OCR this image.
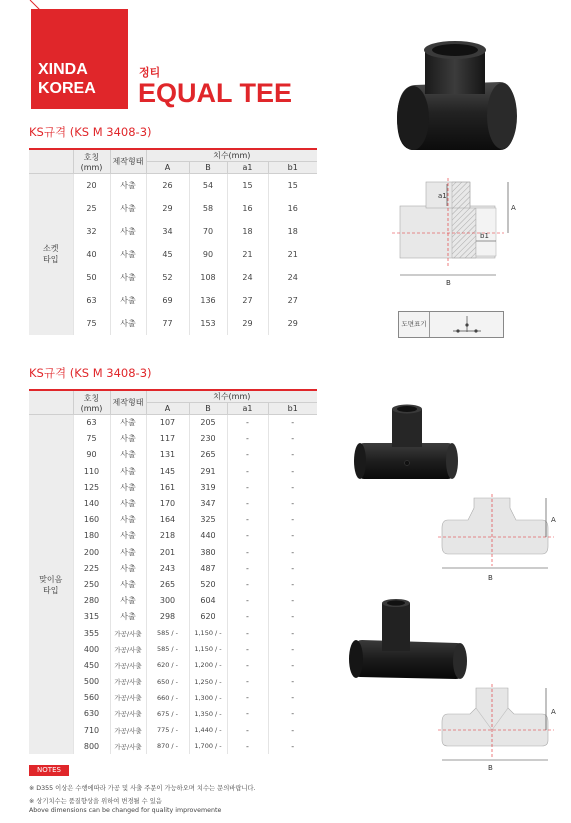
XINDA
KOREA
정티
EQUAL TEE
KS규격 (KS M 3408-3)
	호칭(mm)	제작형태	치수(mm)			
			A	B	a1	b1

소켓
타입	20	사출	26	54	15	15
	25	사출	29	58	16	16
	32	사출	34	70	18	18
	40	사출	45	90	21	21
	50	사출	52	108	24	24
	63	사출	69	136	27	27
	75	사출	77	153	29	29
a1
b1
A
B
도면표기
KS규격 (KS M 3408-3)
	호칭(mm)	제작형태	치수(mm)			
			A	B	a1	b1

맞이음
타입	63	사출	107	205	-	-
	75	사출	117	230	-	-
	90	사출	131	265	-	-
	110	사출	145	291	-	-
	125	사출	161	319	-	-
	140	사출	170	347	-	-
	160	사출	164	325	-	-
	180	사출	218	440	-	-
	200	사출	201	380	-	-
	225	사출	243	487	-	-
	250	사출	265	520	-	-
	280	사출	300	604	-	-
	315	사출	298	620	-	-
	355	가공/사출	585 / -	1,150 / -	-	-
	400	가공/사출	585 / -	1,150 / -	-	-
	450	가공/사출	620 / -	1,200 / -	-	-
	500	가공/사출	650 / -	1,250 / -	-	-
	560	가공/사출	660 / -	1,300 / -	-	-
	630	가공/사출	675 / -	1,350 / -	-	-
	710	가공/사출	775 / -	1,440 / -	-	-
	800	가공/사출	870 / -	1,700 / -	-	-
A
B
A
B
NOTES
※ D355 이상은 수행에따라 가공 및 사출 주문이 가능하오며 치수는 문의바랍니다.
※ 상기치수는 품질향상을 위하여 변경될 수 있음
Above dimensions can be changed for quality improvemente
